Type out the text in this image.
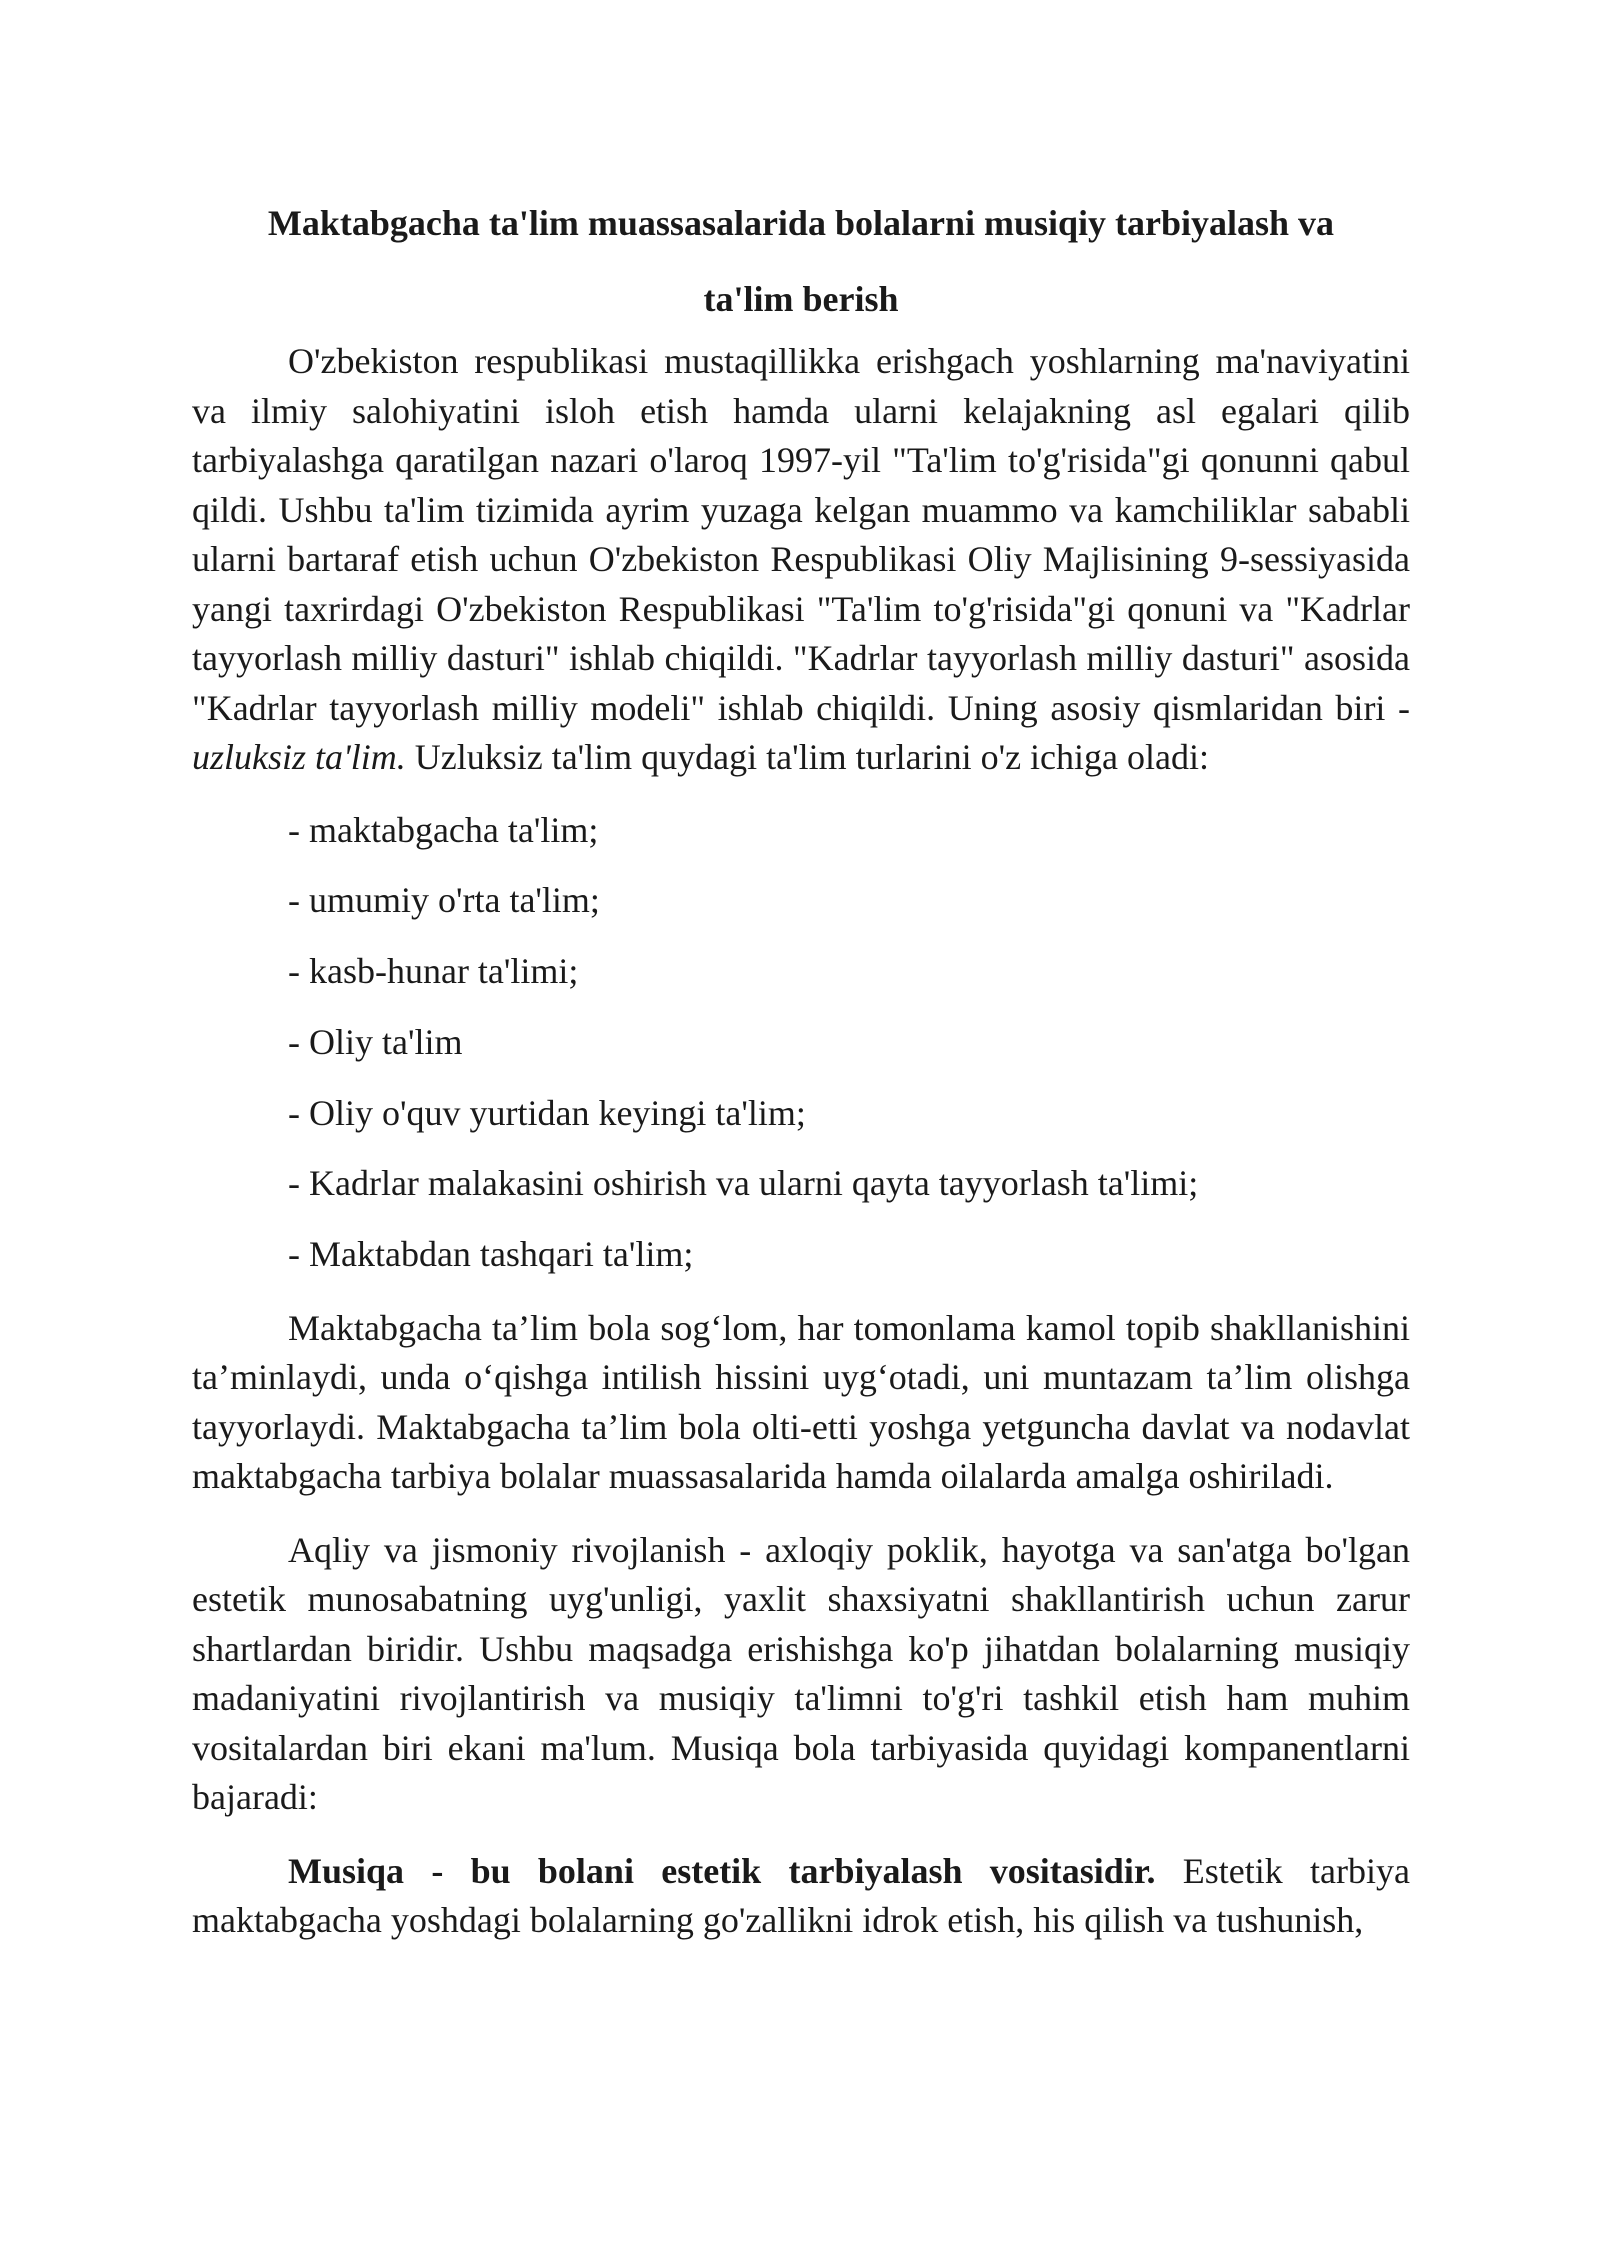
Maktabgacha ta'lim muassasalarida bolalarni musiqiy tarbiyalash va
ta'lim berish

O'zbekiston respublikasi mustaqillikka erishgach yoshlarning ma'naviyatini va ilmiy salohiyatini isloh etish hamda ularni kelajakning asl egalari qilib tarbiyalashga qaratilgan nazari o'laroq 1997-yil "Ta'lim to'g'risida"gi qonunni qabul qildi. Ushbu ta'lim tizimida ayrim yuzaga kelgan muammo va kamchiliklar sababli ularni bartaraf etish uchun O'zbekiston Respublikasi Oliy Majlisining 9-sessiyasida yangi taxrirdagi O'zbekiston Respublikasi "Ta'lim to'g'risida"gi qonuni va "Kadrlar tayyorlash milliy dasturi" ishlab chiqildi. "Kadrlar tayyorlash milliy dasturi" asosida "Kadrlar tayyorlash milliy modeli" ishlab chiqildi. Uning asosiy qismlaridan biri - uzluksiz ta'lim. Uzluksiz ta'lim quydagi ta'lim turlarini o'z ichiga oladi:

- maktabgacha ta'lim;
- umumiy o'rta ta'lim;
- kasb-hunar ta'limi;
- Oliy ta'lim
- Oliy o'quv yurtidan keyingi ta'lim;
- Kadrlar malakasini oshirish va ularni qayta tayyorlash ta'limi;
- Maktabdan tashqari ta'lim;

Maktabgacha ta’lim bola sog‘lom, har tomonlama kamol topib shakllanishini ta’minlaydi, unda o‘qishga intilish hissini uyg‘otadi, uni muntazam ta’lim olishga tayyorlaydi. Maktabgacha ta’lim bola olti-etti yoshga yetguncha davlat va nodavlat maktabgacha tarbiya bolalar muassasalarida hamda oilalarda amalga oshiriladi.

Aqliy va jismoniy rivojlanish - axloqiy poklik, hayotga va san'atga bo'lgan estetik munosabatning uyg'unligi, yaxlit shaxsiyatni shakllantirish uchun zarur shartlardan biridir. Ushbu maqsadga erishishga ko'p jihatdan bolalarning musiqiy madaniyatini rivojlantirish va musiqiy ta'limni to'g'ri tashkil etish ham muhim vositalardan biri ekani ma'lum. Musiqa bola tarbiyasida quyidagi kompanentlarni bajaradi:

Musiqa - bu bolani estetik tarbiyalash vositasidir. Estetik tarbiya maktabgacha yoshdagi bolalarning go'zallikni idrok etish, his qilish va tushunish,
